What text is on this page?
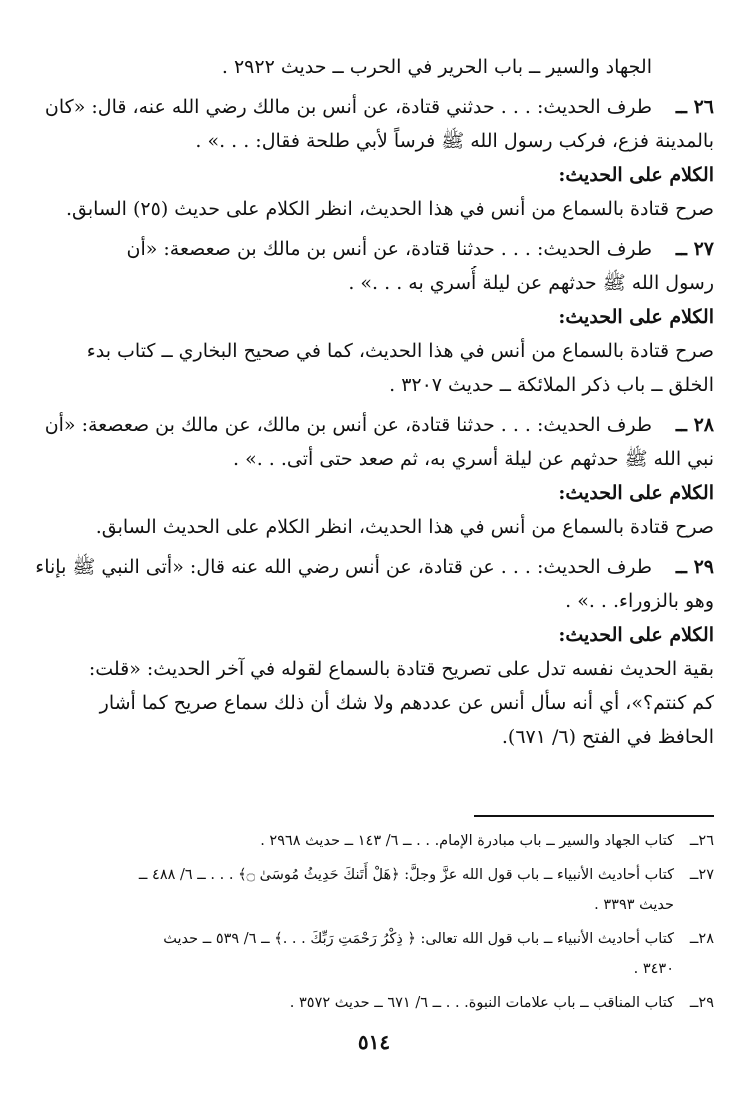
الجهاد والسير ــ باب الحرير في الحرب ــ حديث ٢٩٢٢ .
٢٦ ــطرف الحديث: . . . حدثني قتادة، عن أنس بن مالك رضي الله عنه، قال: «كان
بالمدينة فزع، فركب رسول الله ﷺ فرساً لأبي طلحة فقال: . . .» .
الكلام على الحديث:
صرح قتادة بالسماع من أنس في هذا الحديث، انظر الكلام على حديث (٢٥) السابق.
٢٧ ــطرف الحديث: . . . حدثنا قتادة، عن أنس بن مالك بن صعصعة: «أن
رسول الله ﷺ حدثهم عن ليلة أُسري به . . .» .
الكلام على الحديث:
صرح قتادة بالسماع من أنس في هذا الحديث، كما في صحيح البخاري ــ كتاب بدء
الخلق ــ باب ذكر الملائكة ــ حديث ٣٢٠٧ .
٢٨ ــطرف الحديث: . . . حدثنا قتادة، عن أنس بن مالك، عن مالك بن صعصعة: «أن
نبي الله ﷺ حدثهم عن ليلة أسري به، ثم صعد حتى أتى. . .» .
الكلام على الحديث:
صرح قتادة بالسماع من أنس في هذا الحديث، انظر الكلام على الحديث السابق.
٢٩ ــطرف الحديث: . . . عن قتادة، عن أنس رضي الله عنه قال: «أتى النبي ﷺ بإناء
وهو بالزوراء. . .» .
الكلام على الحديث:
بقية الحديث نفسه تدل على تصريح قتادة بالسماع لقوله في آخر الحديث: «قلت:
كم كنتم؟»، أي أنه سأل أنس عن عددهم ولا شك أن ذلك سماع صريح كما أشار
الحافظ في الفتح (٦/ ٦٧١).
٢٦ــكتاب الجهاد والسير ــ باب مبادرة الإمام. . . ــ ٦/ ١٤٣ ــ حديث ٢٩٦٨ .
٢٧ــكتاب أحاديث الأنبياء ــ باب قول الله عزَّ وجلَّ: ﴿هَلْ أَتَنكَ حَدِيثُ مُوسَىٰ ۝﴾ . . . ــ ٦/ ٤٨٨ ــ
حديث ٣٣٩٣ .
٢٨ــكتاب أحاديث الأنبياء ــ باب قول الله تعالى: ﴿ ذِكْرُ رَحْمَتِ رَبِّكَ . . .﴾ ــ ٦/ ٥٣٩ ــ حديث
٣٤٣٠ .
٢٩ــكتاب المناقب ــ باب علامات النبوة. . . ــ ٦/ ٦٧١ ــ حديث ٣٥٧٢ .
٥١٤
